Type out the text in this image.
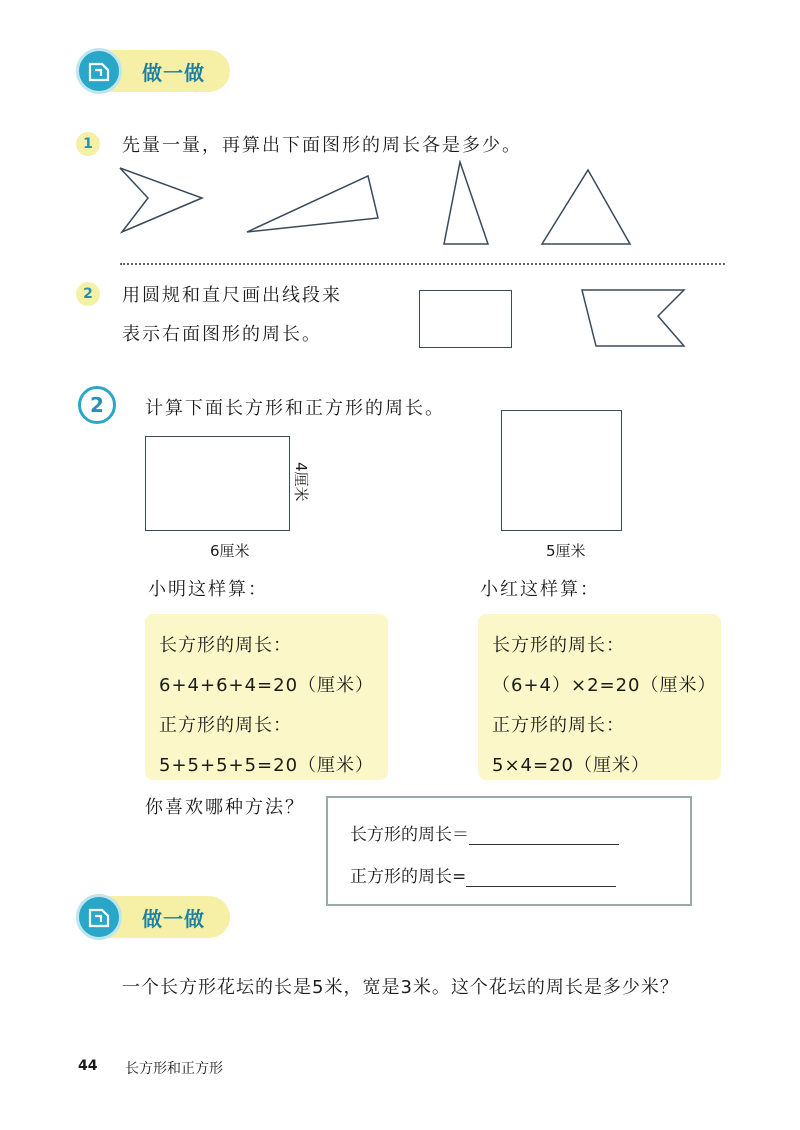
做一做
1	先量一量，再算出下面图形的周长各是多少。
2	用圆规和直尺画出线段来
表示右面图形的周长。
2	计算下面长方形和正方形的周长。
4厘米
6厘米	5厘米
小明这样算：	小红这样算：
长方形的周长：
6+4+6+4=20（厘米）
正方形的周长：
5+5+5+5=20（厘米）
长方形的周长：
（6+4）×2=20（厘米）
正方形的周长：
5×4=20（厘米）
你喜欢哪种方法？
长方形的周长＝
正方形的周长=
做一做
一个长方形花坛的长是5米，宽是3米。这个花坛的周长是多少米？
44 长方形和正方形
